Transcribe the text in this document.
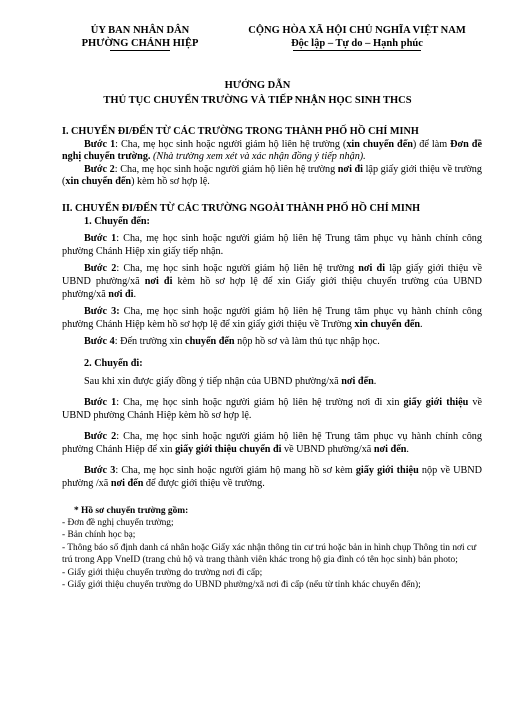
ỦY BAN NHÂN DÂN
PHƯỜNG CHÁNH HIỆP
CỘNG HÒA XÃ HỘI CHỦ NGHĨA VIỆT NAM
Độc lập – Tự do – Hạnh phúc
HƯỚNG DẪN
THỦ TỤC CHUYỂN TRƯỜNG VÀ TIẾP NHẬN HỌC SINH THCS

I. CHUYỂN ĐI/ĐẾN TỪ CÁC TRƯỜNG TRONG THÀNH PHỐ HỒ CHÍ MINH

Bước 1: Cha, mẹ học sinh hoặc người giám hộ liên hệ trường (xin chuyển đến) để làm Đơn đề nghị chuyển trường. (Nhà trường xem xét và xác nhận đồng ý tiếp nhận).

Bước 2: Cha, mẹ học sinh hoặc người giám hộ liên hệ trường nơi đi lập giấy giới thiệu về trường (xin chuyển đến) kèm hồ sơ hợp lệ.

II. CHUYỂN ĐI/ĐẾN TỪ CÁC TRƯỜNG NGOÀI THÀNH PHỐ HỒ CHÍ MINH

1. Chuyển đến:

Bước 1: Cha, mẹ học sinh hoặc người giám hộ liên hệ Trung tâm phục vụ hành chính công phường Chánh Hiệp xin giấy tiếp nhận.

Bước 2: Cha, mẹ học sinh hoặc người giám hộ liên hệ trường nơi đi lập giấy giới thiệu về UBND phường/xã nơi đi kèm hồ sơ hợp lệ để xin Giấy giới thiệu chuyển trường của UBND phường/xã nơi đi.

Bước 3: Cha, mẹ học sinh hoặc người giám hộ liên hệ Trung tâm phục vụ hành chính công phường Chánh Hiệp kèm hồ sơ hợp lệ để xin giấy giới thiệu về Trường xin chuyển đến.

Bước 4: Đến trường xin chuyển đến nộp hồ sơ và làm thủ tục nhập học.

2. Chuyển đi:

Sau khi xin được giấy đồng ý tiếp nhận của UBND phường/xã nơi đến.

Bước 1: Cha, mẹ học sinh hoặc người giám hộ liên hệ trường nơi đi xin giấy giới thiệu về UBND phường Chánh Hiệp kèm hồ sơ hợp lệ.

Bước 2: Cha, mẹ học sinh hoặc người giám hộ liên hệ Trung tâm phục vụ hành chính công phường Chánh Hiệp để xin giấy giới thiệu chuyển đi về UBND phường/xã nơi đến.

Bước 3: Cha, mẹ học sinh hoặc người giám hộ mang hồ sơ kèm giấy giới thiệu nộp về UBND phường /xã nơi đến để được giới thiệu về trường.

* Hồ sơ chuyển trường gồm:
- Đơn đề nghị chuyển trường;
- Bản chính học bạ;
- Thông báo số định danh cá nhân hoặc Giấy xác nhận thông tin cư trú hoặc bản in hình chụp Thông tin nơi cư trú trong App VneID (trang chủ hộ và trang thành viên khác trong hộ gia đình có tên học sinh) bản photo;
- Giấy giới thiệu chuyển trường do trường nơi đi cấp;
- Giấy giới thiệu chuyển trường do UBND phường/xã nơi đi cấp (nếu từ tỉnh khác chuyển đến);
